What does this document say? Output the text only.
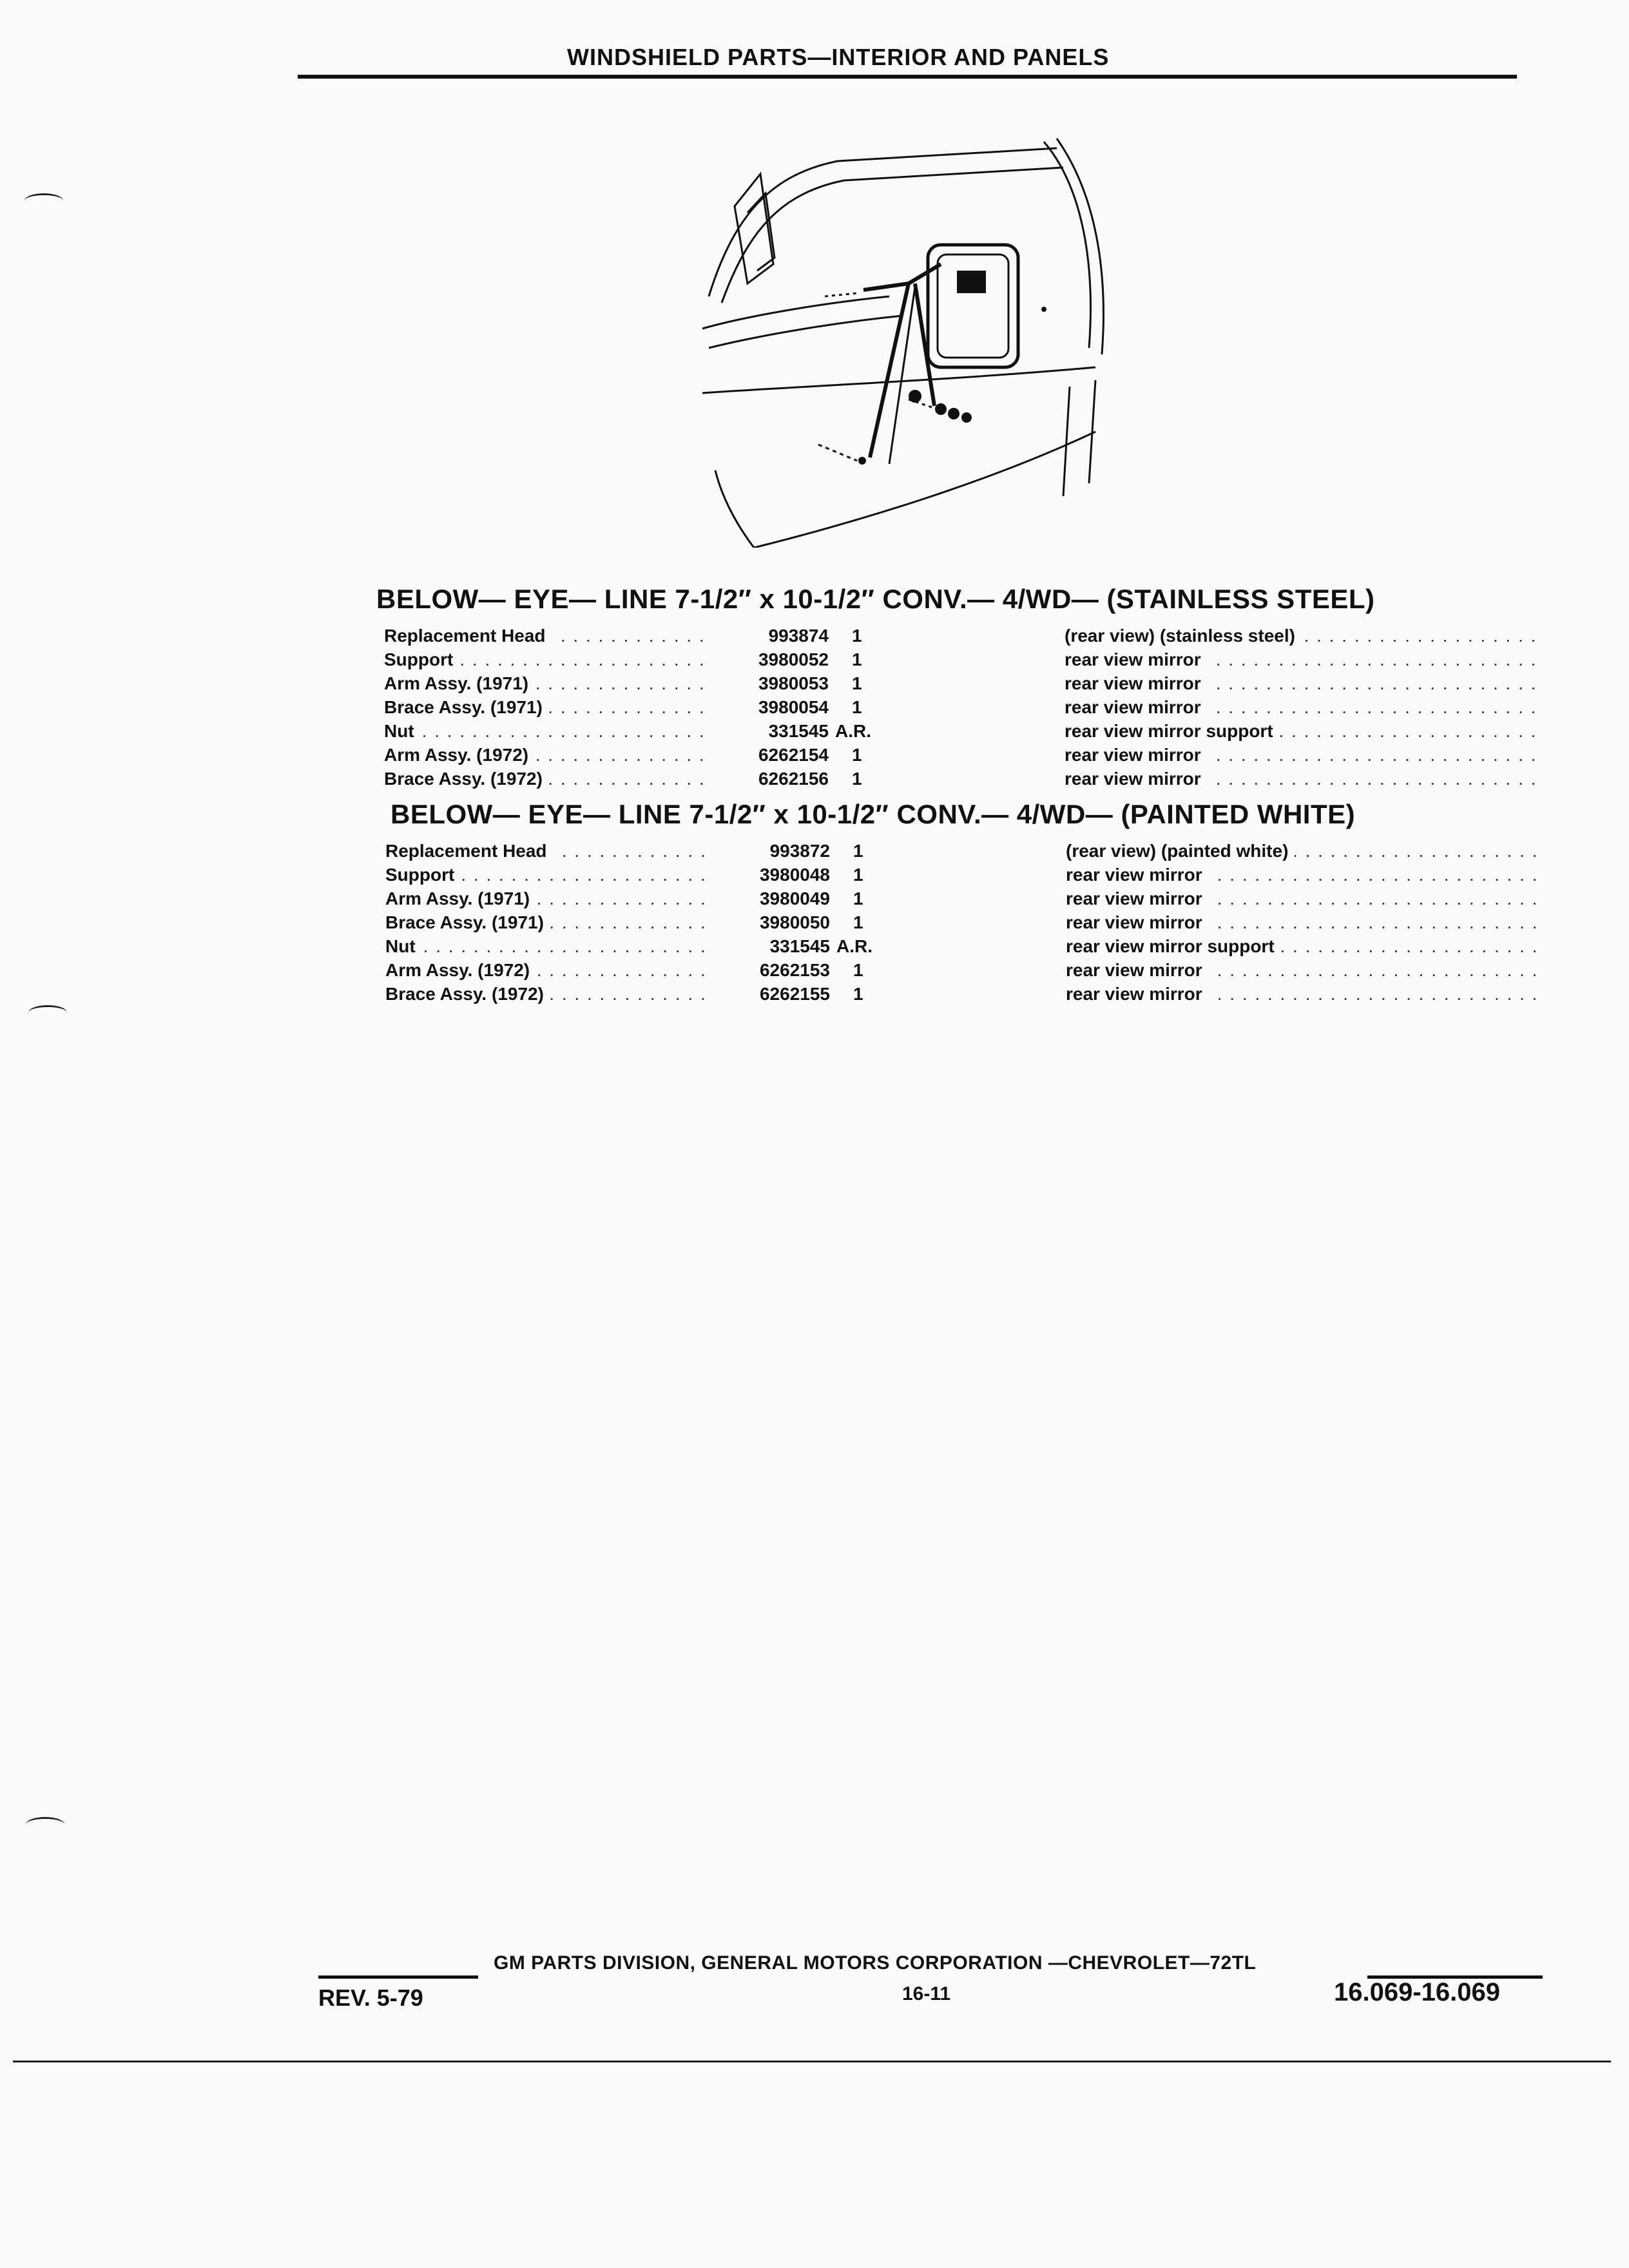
WINDSHIELD PARTS—INTERIOR AND PANELS
BELOW— EYE— LINE 7-1/2″ x 10-1/2″ CONV.— 4/WD— (STAINLESS STEEL)
Replacement Head . . .	993874	1	(rear view) (stainless steel) . . .
Support . . .	3980052	1	rear view mirror . . .
Arm Assy. (1971) . . .	3980053	1	rear view mirror . . .
Brace Assy. (1971) . . .	3980054	1	rear view mirror . . .
Nut . . .	331545	A.R.	rear view mirror support . . .
Arm Assy. (1972) . . .	6262154	1	rear view mirror . . .
Brace Assy. (1972) . . .	6262156	1	rear view mirror . . .
BELOW— EYE— LINE 7-1/2″ x 10-1/2″ CONV.— 4/WD— (PAINTED WHITE)
Replacement Head . . .	993872	1	(rear view) (painted white) . . .
Support . . .	3980048	1	rear view mirror . . .
Arm Assy. (1971) . . .	3980049	1	rear view mirror . . .
Brace Assy. (1971) . . .	3980050	1	rear view mirror . . .
Nut . . .	331545	A.R.	rear view mirror support . . .
Arm Assy. (1972) . . .	6262153	1	rear view mirror . . .
Brace Assy. (1972) . . .	6262155	1	rear view mirror . . .
GM PARTS DIVISION, GENERAL MOTORS CORPORATION —CHEVROLET—72TL
REV. 5-79	16-11	16.069-16.069
